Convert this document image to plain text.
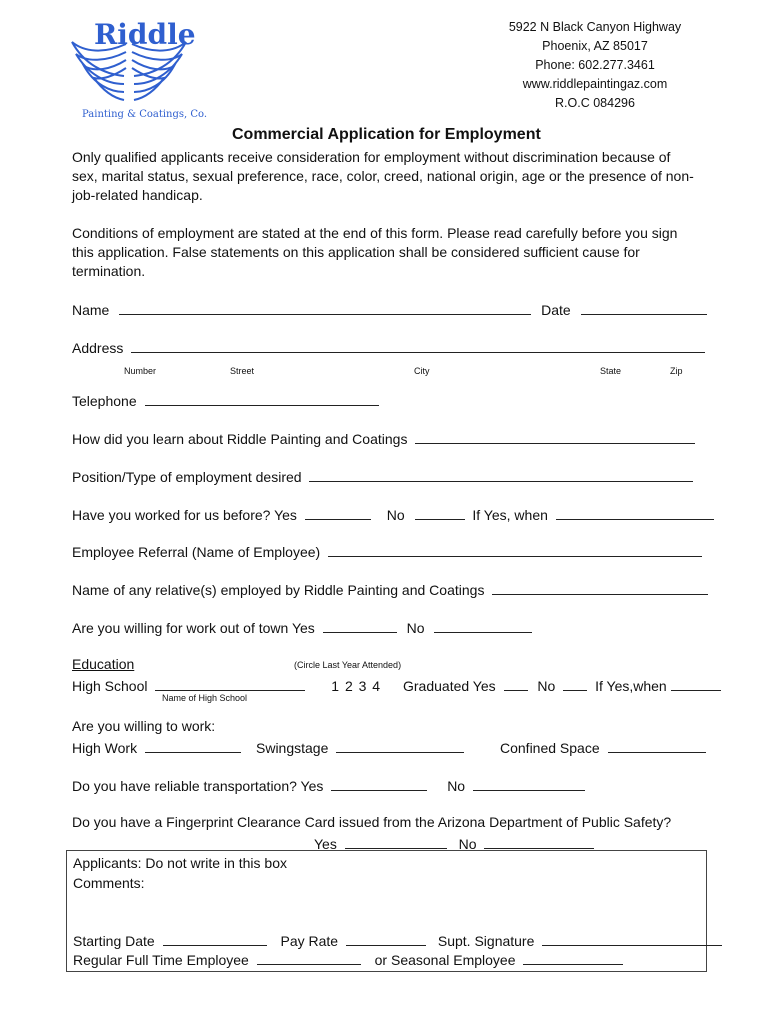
Riddle
Painting & Coatings, Co.
5922 N Black Canyon Highway
Phoenix, AZ 85017
Phone: 602.277.3461
www.riddlepaintingaz.com
R.O.C 084296
Commercial Application for Employment
Only qualified applicants receive consideration for employment without discrimination because of sex, marital status, sexual preference, race, color, creed, national origin, age or the presence of non-job-related handicap.
Conditions of employment are stated at the end of this form. Please read carefully before you sign this application. False statements on this application shall be considered sufficient cause for termination.
Name	Date
Address
Number	Street	City	State	Zip
Telephone
How did you learn about Riddle Painting and Coatings
Position/Type of employment desired
Have you worked for us before? Yes	No	If Yes, when
Employee Referral (Name of Employee)
Name of any relative(s) employed by Riddle Painting and Coatings
Are you willing for work out of town Yes	No
Education	(Circle Last Year Attended)
High School	1 2 3 4 Graduated Yes	No	If Yes,when
Name of High School
Are you willing to work:
High Work	Swingstage	Confined Space
Do you have reliable transportation? Yes	No
Do you have a Fingerprint Clearance Card issued from the Arizona Department of Public Safety?
Yes	No
Applicants: Do not write in this box
Comments:
Starting Date	Pay Rate	Supt. Signature
Regular Full Time Employee	or Seasonal Employee
